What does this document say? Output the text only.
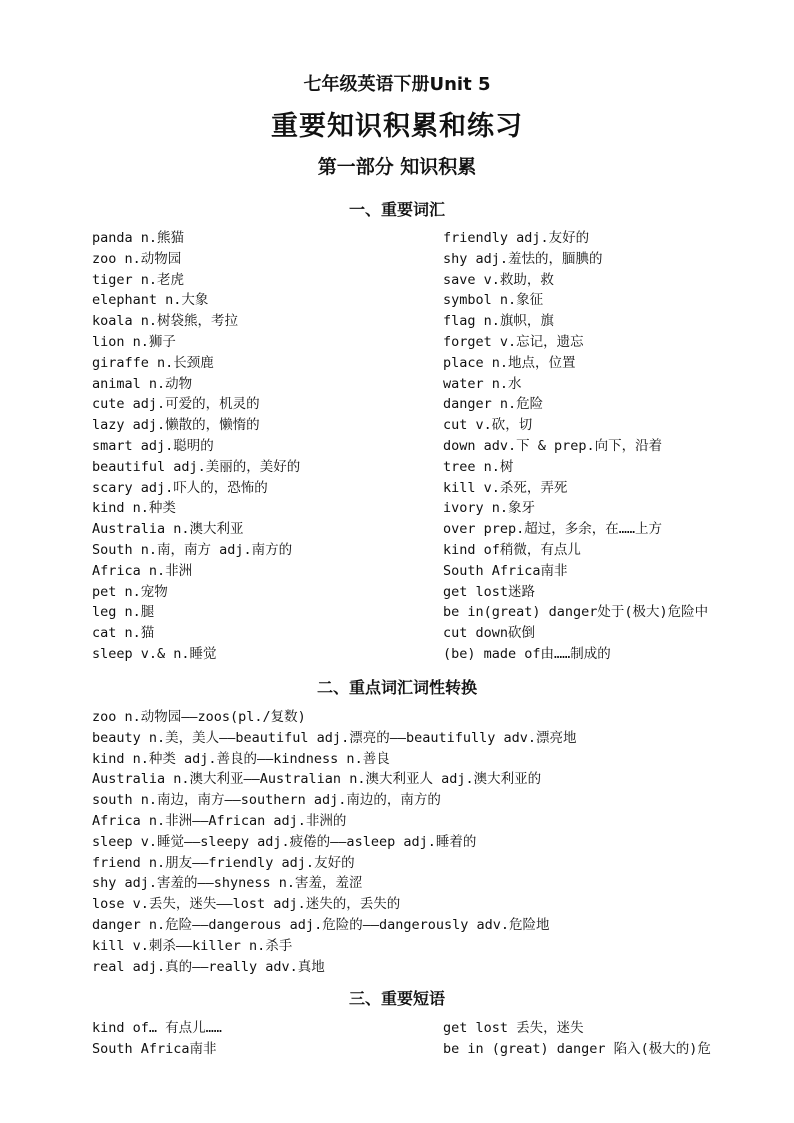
七年级英语下册Unit 5
重要知识积累和练习
第一部分 知识积累
一、重要词汇
panda n.熊猫
zoo n.动物园
tiger n.老虎
elephant n.大象
koala n.树袋熊，考拉
lion n.狮子
giraffe n.长颈鹿
animal n.动物
cute adj.可爱的，机灵的
lazy adj.懒散的，懒惰的
smart adj.聪明的
beautiful adj.美丽的，美好的
scary adj.吓人的，恐怖的
kind n.种类
Australia n.澳大利亚
South n.南，南方 adj.南方的
Africa n.非洲
pet n.宠物
leg n.腿
cat n.猫
sleep v.& n.睡觉
friendly adj.友好的
shy adj.羞怯的，腼腆的
save v.救助，救
symbol n.象征
flag n.旗帜，旗
forget v.忘记，遗忘
place n.地点，位置
water n.水
danger n.危险
cut v.砍，切
down adv.下 & prep.向下，沿着
tree n.树
kill v.杀死，弄死
ivory n.象牙
over prep.超过，多余，在……上方
kind of稍微，有点儿
South Africa南非
get lost迷路
be in(great) danger处于(极大)危险中
cut down砍倒
(be) made of由……制成的
二、重点词汇词性转换
zoo n.动物园——zoos(pl./复数)
beauty n.美，美人——beautiful adj.漂亮的——beautifully adv.漂亮地
kind n.种类 adj.善良的——kindness n.善良
Australia n.澳大利亚——Australian n.澳大利亚人 adj.澳大利亚的
south n.南边，南方——southern adj.南边的，南方的
Africa n.非洲——African adj.非洲的
sleep v.睡觉——sleepy adj.疲倦的——asleep adj.睡着的
friend n.朋友——friendly adj.友好的
shy adj.害羞的——shyness n.害羞，羞涩
lose v.丢失，迷失——lost adj.迷失的，丢失的
danger n.危险——dangerous adj.危险的——dangerously adv.危险地
kill v.刺杀——killer n.杀手
real adj.真的——really adv.真地
三、重要短语
kind of… 有点儿……
South Africa南非
get lost 丢失，迷失
be in (great) danger 陷入(极大的)危
